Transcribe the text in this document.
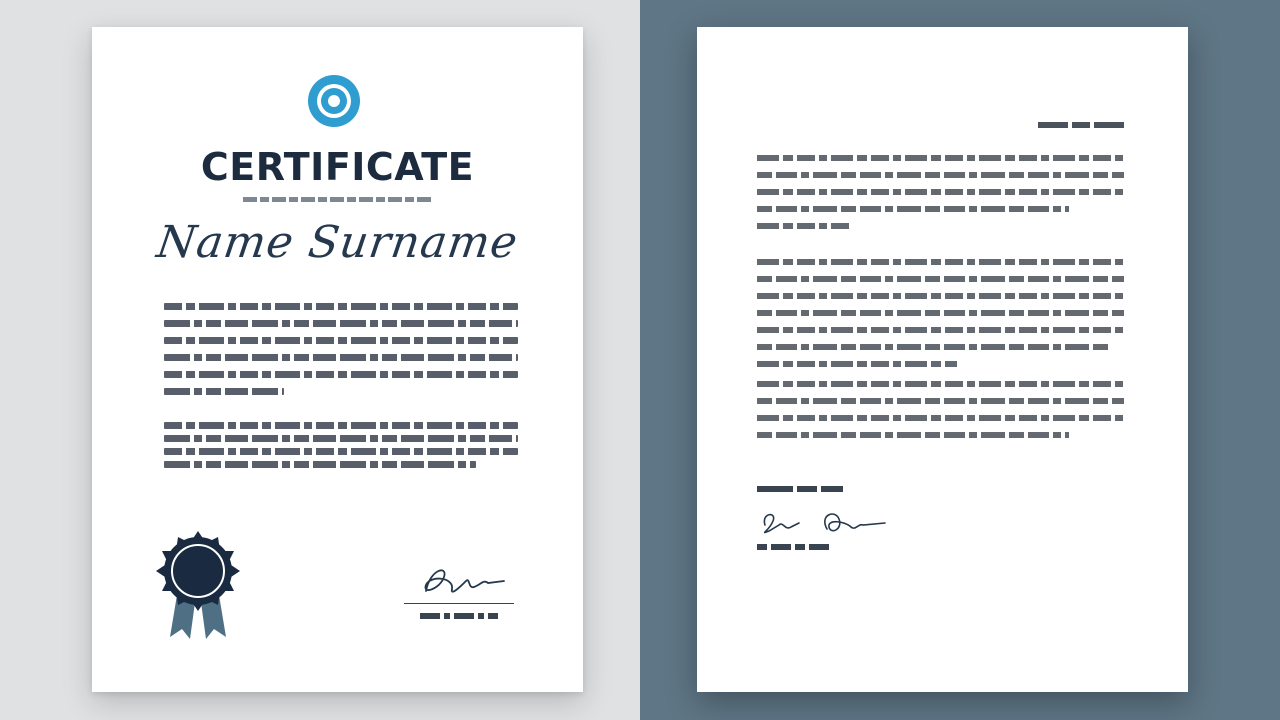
CERTIFICATE
Name Surname
